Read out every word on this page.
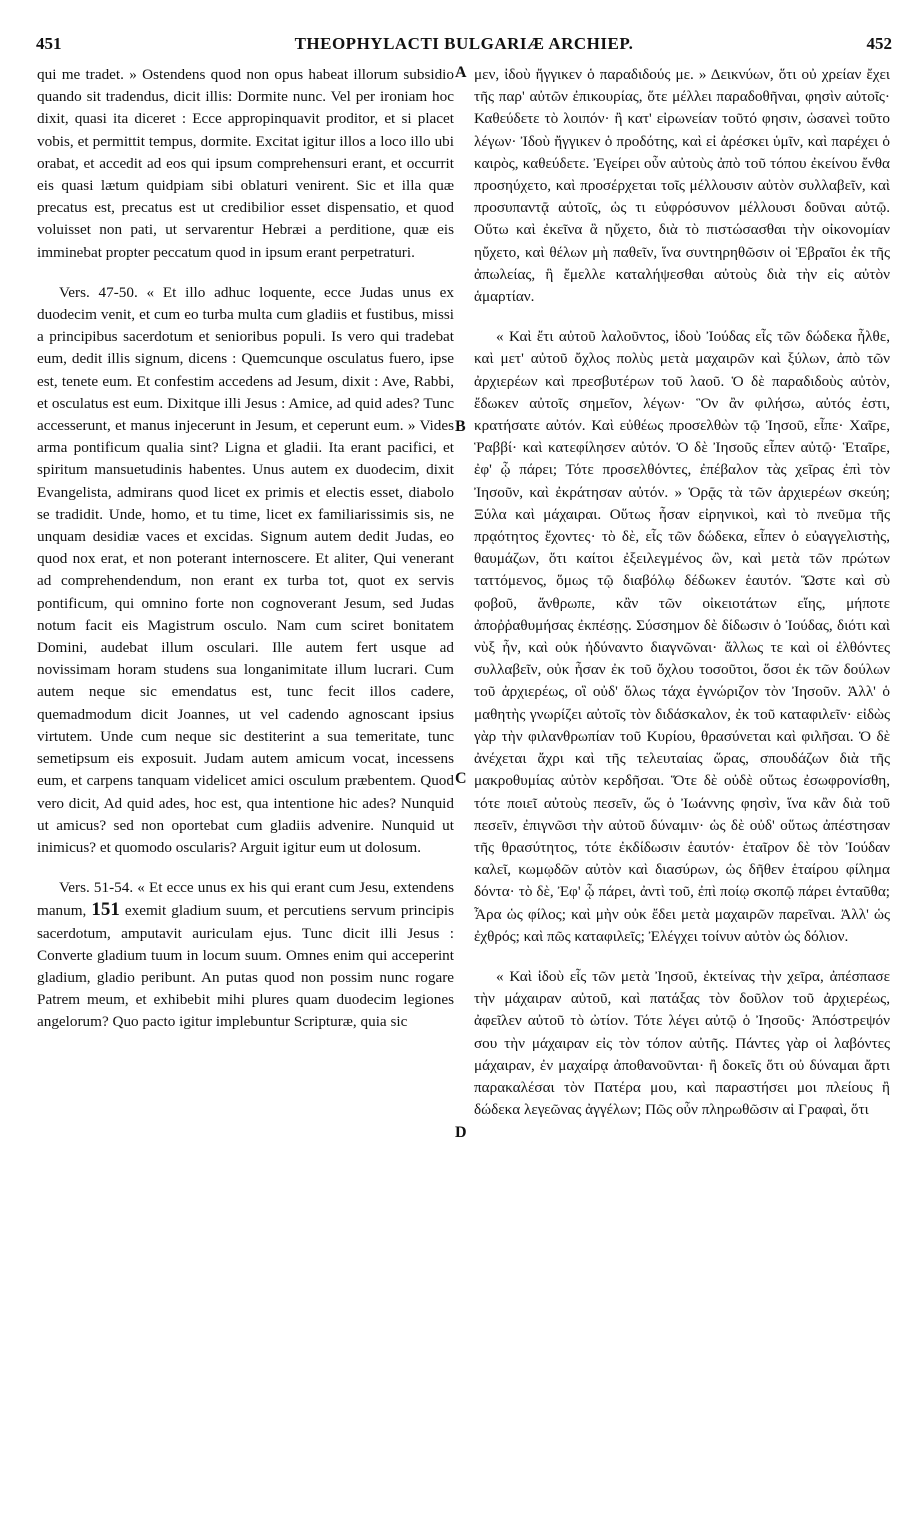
451	THEOPHYLACTI BULGARIÆ ARCHIEP.	452

qui me tradet. » Ostendens quod non opus habeat illorum subsidio quando sit tradendus, dicit illis: Dormite nunc. Vel per ironiam hoc dixit, quasi ita diceret : Ecce appropinquavit proditor, et si placet vobis, et permittit tempus, dormite. Excitat igitur illos a loco illo ubi orabat, et accedit ad eos qui ipsum comprehensuri erant, et occurrit eis quasi lætum quidpiam sibi oblaturi venirent. Sic et illa quæ precatus est, precatus est ut credibilior esset dispensatio, et quod voluisset non pati, ut servarentur Hebræi a perditione, quæ eis imminebat propter peccatum quod in ipsum erant perpetraturi.

Vers. 47-50. « Et illo adhuc loquente, ecce Judas unus ex duodecim venit, et cum eo turba multa cum gladiis et fustibus, missi a principibus sacerdotum et senioribus populi. Is vero qui tradebat eum, dedit illis signum, dicens : Quemcunque osculatus fuero, ipse est, tenete eum. Et confestim accedens ad Jesum, dixit : Ave, Rabbi, et osculatus est eum. Dixitque illi Jesus : Amice, ad quid ades? Tunc accesserunt, et manus injecerunt in Jesum, et ceperunt eum. » Vides arma pontificum qualia sint? Ligna et gladii. Ita erant pacifici, et spiritum mansuetudinis habentes. Unus autem ex duodecim, dixit Evangelista, admirans quod licet ex primis et electis esset, diabolo se tradidit. Unde, homo, et tu time, licet ex familiarissimis sis, ne unquam desidiæ vaces et excidas. Signum autem dedit Judas, eo quod nox erat, et non poterant internoscere. Et aliter, Qui venerant ad comprehendendum, non erant ex turba tot, quot ex servis pontificum, qui omnino forte non cognoverant Jesum, sed Judas notum facit eis Magistrum osculo. Nam cum sciret bonitatem Domini, audebat illum osculari. Ille autem fert usque ad novissimam horam studens sua longanimitate illum lucrari. Cum autem neque sic emendatus est, tunc fecit illos cadere, quemadmodum dicit Joannes, ut vel cadendo agnoscant ipsius virtutem. Unde cum neque sic destiterint a sua temeritate, tunc semetipsum eis exposuit. Judam autem amicum vocat, incessens eum, et carpens tanquam videlicet amici osculum præbentem. Quod vero dicit, Ad quid ades, hoc est, qua intentione hic ades? Nunquid ut amicus? sed non oportebat cum gladiis advenire. Nunquid ut inimicus? et quomodo oscularis? Arguit igitur eum ut dolosum.

Vers. 51-54. « Et ecce unus ex his qui erant cum Jesu, extendens manum, 151 exemit gladium suum, et percutiens servum principis sacerdotum, amputavit auriculam ejus. Tunc dicit illi Jesus : Converte gladium tuum in locum suum. Omnes enim qui acceperint gladium, gladio peribunt. An putas quod non possim nunc rogare Patrem meum, et exhibebit mihi plures quam duodecim legiones angelorum? Quo pacto igitur implebuntur Scripturæ, quia sic

A
B
C
D

μεν, ἰδοὺ ἤγγικεν ὁ παραδιδούς με. » Δεικνύων, ὅτι οὐ χρείαν ἔχει τῆς παρ' αὐτῶν ἐπικουρίας, ὅτε μέλλει παραδοθῆναι, φησὶν αὐτοῖς· Καθεύδετε τὸ λοιπόν· ἢ κατ' εἰρωνείαν τοῦτό φησιν, ὡσανεὶ τοῦτο λέγων· Ἰδοὺ ἤγγικεν ὁ προδότης, καὶ εἰ ἀρέσκει ὑμῖν, καὶ παρέχει ὁ καιρὸς, καθεύδετε. Ἐγείρει οὖν αὐτοὺς ἀπὸ τοῦ τόπου ἐκείνου ἔνθα προσηύχετο, καὶ προσέρχεται τοῖς μέλλουσιν αὐτὸν συλλαβεῖν, καὶ προσυπαντᾷ αὐτοῖς, ὡς τι εὐφρόσυνον μέλλουσι δοῦναι αὐτῷ. Οὕτω καὶ ἐκεῖνα ἃ ηὔχετο, διὰ τὸ πιστώσασθαι τὴν οἰκονομίαν ηὔχετο, καὶ θέλων μὴ παθεῖν, ἵνα συντηρηθῶσιν οἱ Ἑβραῖοι ἐκ τῆς ἀπωλείας, ἣ ἔμελλε καταλήψεσθαι αὐτοὺς διὰ τὴν εἰς αὐτὸν ἁμαρτίαν.

« Καὶ ἔτι αὐτοῦ λαλοῦντος, ἰδοὺ Ἰούδας εἷς τῶν δώδεκα ἦλθε, καὶ μετ' αὐτοῦ ὄχλος πολὺς μετὰ μαχαιρῶν καὶ ξύλων, ἀπὸ τῶν ἀρχιερέων καὶ πρεσβυτέρων τοῦ λαοῦ. Ὁ δὲ παραδιδοὺς αὐτὸν, ἔδωκεν αὐτοῖς σημεῖον, λέγων· Ὃν ἂν φιλήσω, αὐτός ἐστι, κρατήσατε αὐτόν. Καὶ εὐθέως προσελθὼν τῷ Ἰησοῦ, εἶπε· Χαῖρε, Ῥαββί· καὶ κατεφίλησεν αὐτόν. Ὁ δὲ Ἰησοῦς εἶπεν αὐτῷ· Ἑταῖρε, ἐφ' ᾧ πάρει; Τότε προσελθόντες, ἐπέβαλον τὰς χεῖρας ἐπὶ τὸν Ἰησοῦν, καὶ ἐκράτησαν αὐτόν. » Ὁρᾷς τὰ τῶν ἀρχιερέων σκεύη; Ξύλα καὶ μάχαιραι. Οὕτως ἦσαν εἰρηνικοὶ, καὶ τὸ πνεῦμα τῆς πρᾳότητος ἔχοντες· τὸ δὲ, εἷς τῶν δώδεκα, εἶπεν ὁ εὐαγγελιστὴς, θαυμάζων, ὅτι καίτοι ἐξειλεγμένος ὢν, καὶ μετὰ τῶν πρώτων ταττόμενος, ὅμως τῷ διαβόλῳ δέδωκεν ἑαυτόν. Ὥστε καὶ σὺ φοβοῦ, ἄνθρωπε, κἂν τῶν οἰκειοτάτων εἴης, μήποτε ἀποῤῥαθυμήσας ἐκπέσῃς. Σύσσημον δὲ δίδωσιν ὁ Ἰούδας, διότι καὶ νὺξ ἦν, καὶ οὐκ ἠδύναντο διαγνῶναι· ἄλλως τε καὶ οἱ ἐλθόντες συλλαβεῖν, οὐκ ἦσαν ἐκ τοῦ ὄχλου τοσοῦτοι, ὅσοι ἐκ τῶν δούλων τοῦ ἀρχιερέως, οἳ οὐδ' ὅλως τάχα ἐγνώριζον τὸν Ἰησοῦν. Ἀλλ' ὁ μαθητὴς γνωρίζει αὐτοῖς τὸν διδάσκαλον, ἐκ τοῦ καταφιλεῖν· εἰδὼς γὰρ τὴν φιλανθρωπίαν τοῦ Κυρίου, θρασύνεται καὶ φιλῆσαι. Ὁ δὲ ἀνέχεται ἄχρι καὶ τῆς τελευταίας ὥρας, σπουδάζων διὰ τῆς μακροθυμίας αὐτὸν κερδῆσαι. Ὅτε δὲ οὐδὲ οὕτως ἐσωφρονίσθη, τότε ποιεῖ αὐτοὺς πεσεῖν, ὥς ὁ Ἰωάννης φησὶν, ἵνα κἂν διὰ τοῦ πεσεῖν, ἐπιγνῶσι τὴν αὐτοῦ δύναμιν· ὡς δὲ οὐδ' οὕτως ἀπέστησαν τῆς θρασύτητος, τότε ἐκδίδωσιν ἑαυτόν· ἑταῖρον δὲ τὸν Ἰούδαν καλεῖ, κωμῳδῶν αὐτὸν καὶ διασύρων, ὡς δῆθεν ἑταίρου φίλημα δόντα· τὸ δὲ, Ἐφ' ᾧ πάρει, ἀντὶ τοῦ, ἐπὶ ποίῳ σκοπῷ πάρει ἐνταῦθα; Ἆρα ὡς φίλος; καὶ μὴν οὐκ ἔδει μετὰ μαχαιρῶν παρεῖναι. Ἀλλ' ὡς ἐχθρός; καὶ πῶς καταφιλεῖς; Ἐλέγχει τοίνυν αὐτὸν ὡς δόλιον.

« Καὶ ἰδοὺ εἷς τῶν μετὰ Ἰησοῦ, ἐκτείνας τὴν χεῖρα, ἀπέσπασε τὴν μάχαιραν αὐτοῦ, καὶ πατάξας τὸν δοῦλον τοῦ ἀρχιερέως, ἀφεῖλεν αὐτοῦ τὸ ὠτίον. Τότε λέγει αὐτῷ ὁ Ἰησοῦς· Ἀπόστρεψόν σου τὴν μάχαιραν εἰς τὸν τόπον αὐτῆς. Πάντες γὰρ οἱ λαβόντες μάχαιραν, ἐν μαχαίρᾳ ἀποθανοῦνται· ἢ δοκεῖς ὅτι οὐ δύναμαι ἄρτι παρακαλέσαι τὸν Πατέρα μου, καὶ παραστήσει μοι πλείους ἢ δώδεκα λεγεῶνας ἀγγέλων; Πῶς οὖν πληρωθῶσιν αἱ Γραφαὶ, ὅτι
